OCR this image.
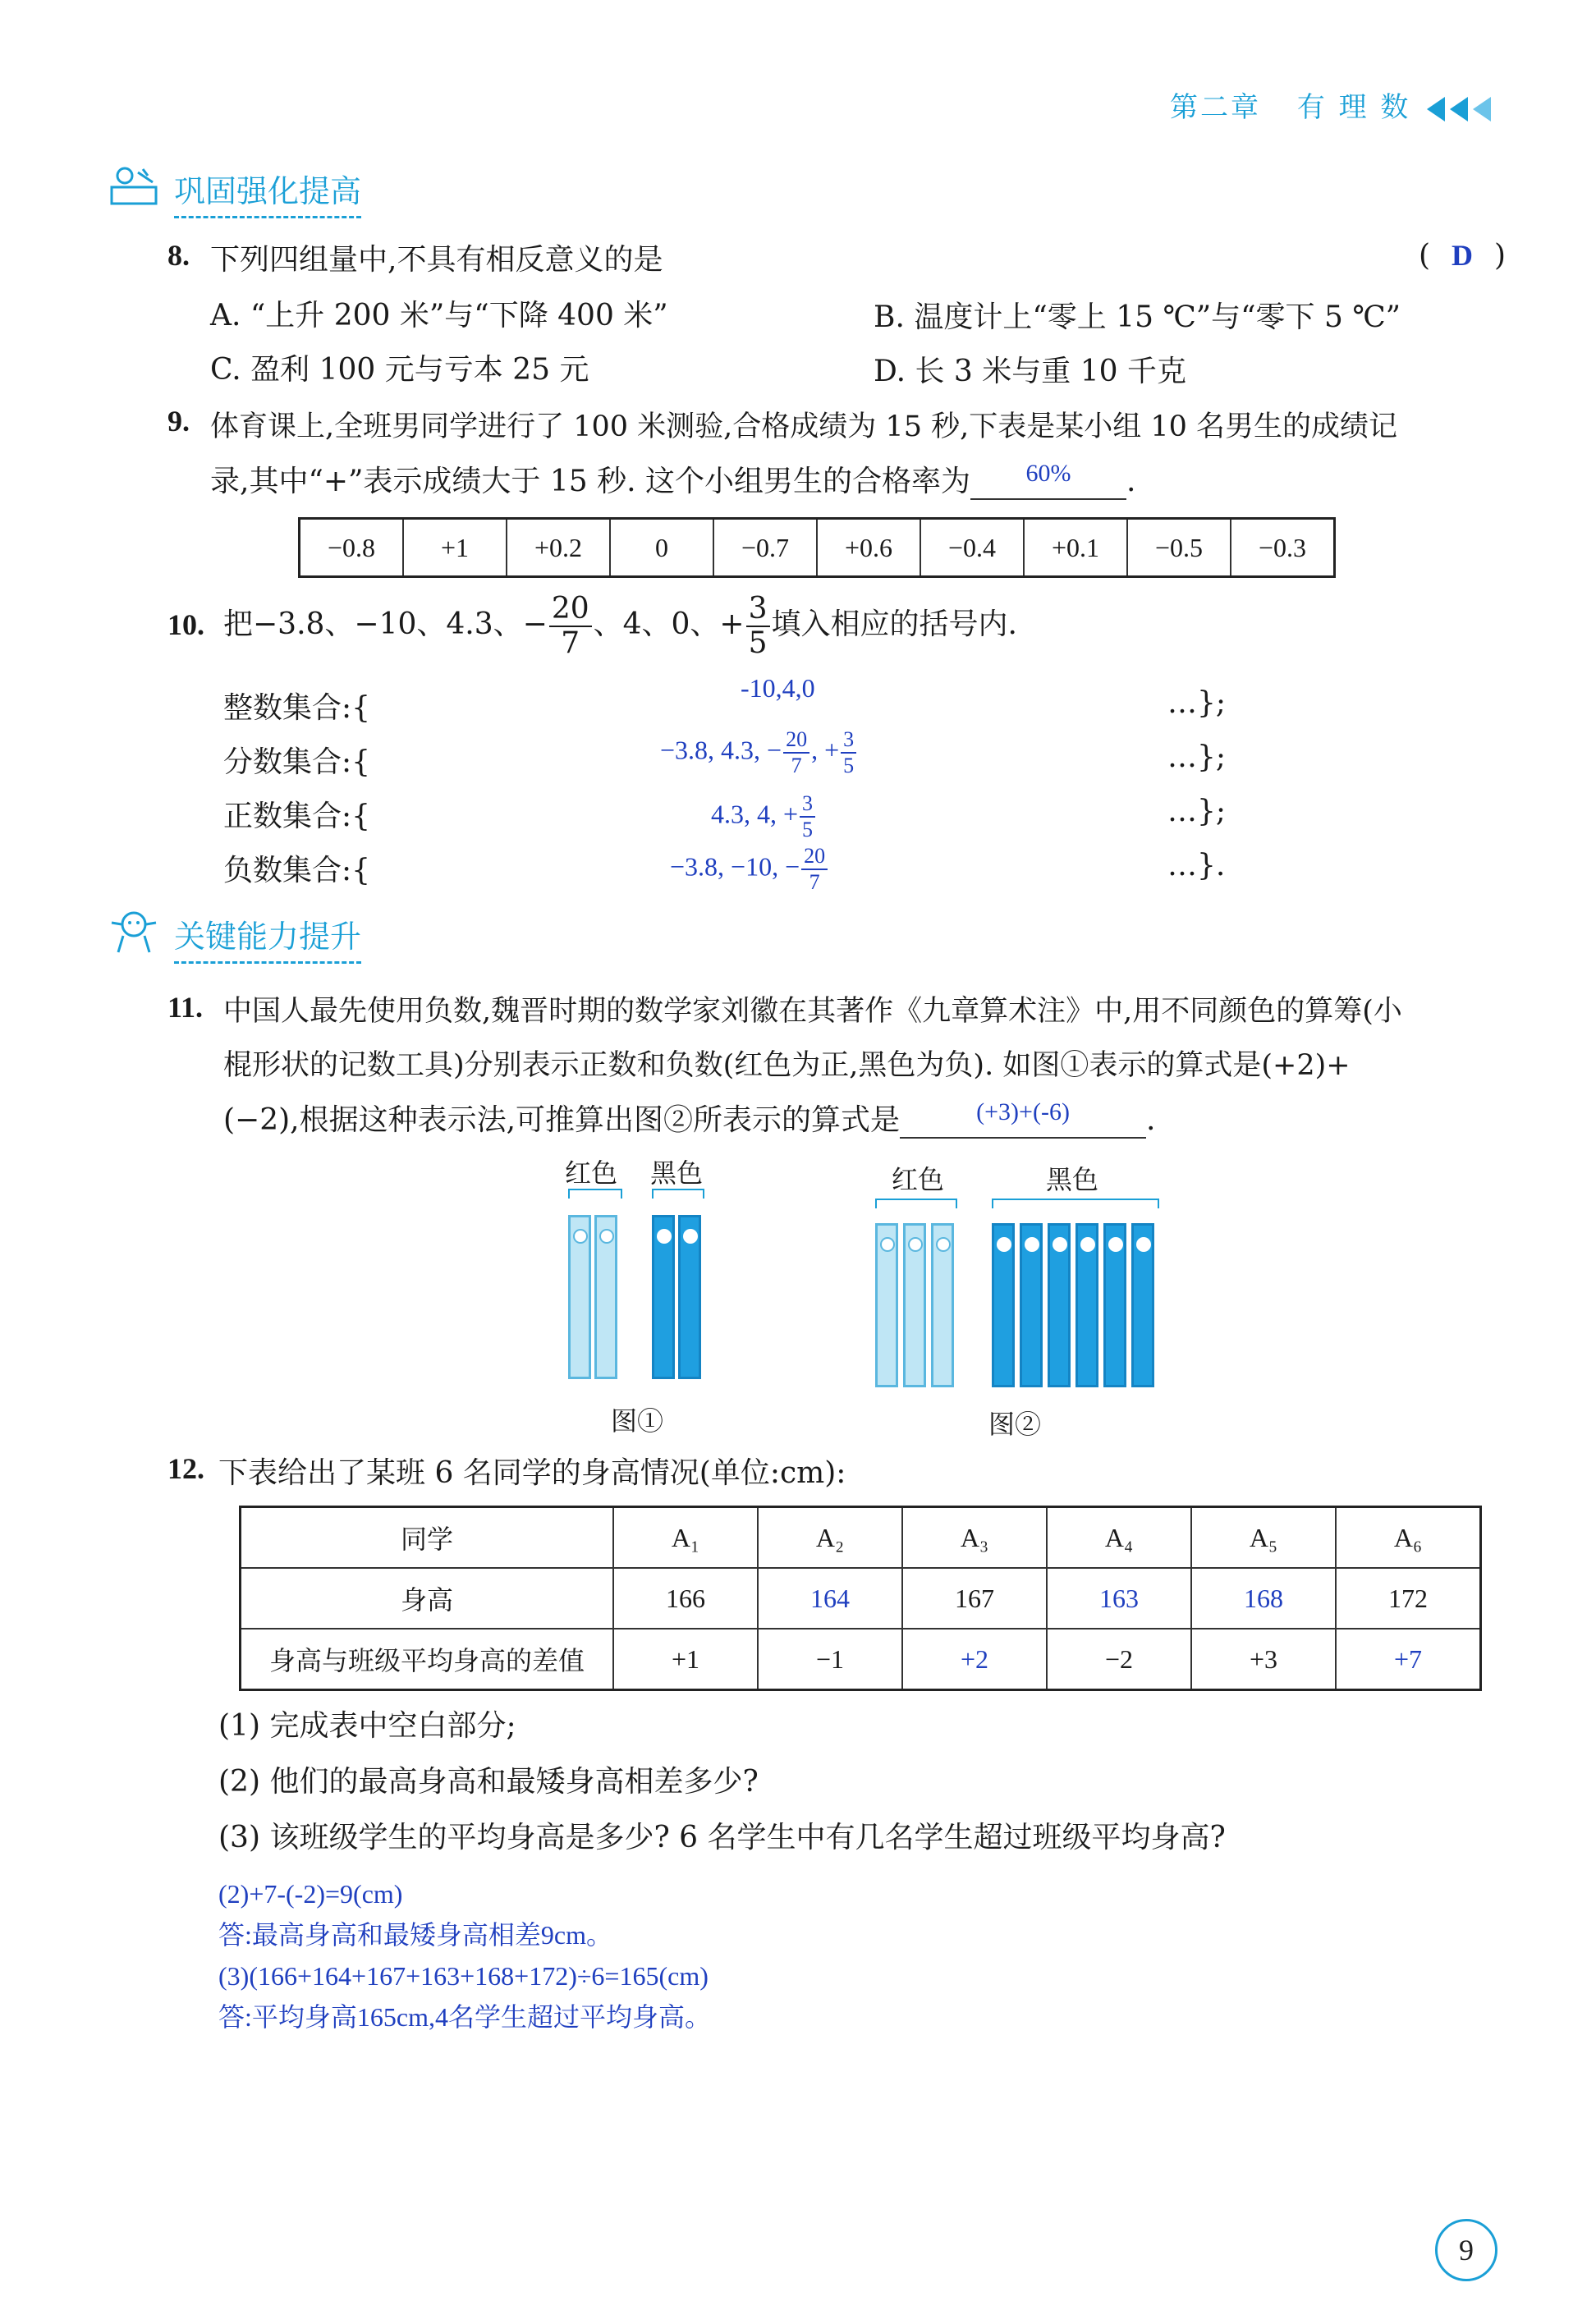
第二章 有 理 数
巩固强化提高
8. 下列四组量中,不具有相反意义的是	( D )
A. “上升 200 米”与“下降 400 米”	B. 温度计上“零上 15 ℃”与“零下 5 ℃”
C. 盈利 100 元与亏本 25 元	D. 长 3 米与重 10 千克
9. 体育课上,全班男同学进行了 100 米测验,合格成绩为 15 秒,下表是某小组 10 名男生的成绩记
录,其中“+”表示成绩大于 15 秒. 这个小组男生的合格率为 $^{60\%}$ .
−0.8	+1	+0.2	0	−0.7	+0.6	−0.4	+0.1	−0.5	−0.3
10. 把−3.8、−10、4.3、− $\frac{20}{7}$ 、4、0、+ $\frac{3}{5}$ 填入相应的括号内.
整数集合:{
-10,4,0	…};
分数集合:{	−3.8, 4.3, − $\frac{20}{7}$ , + $\frac{3}{5}$	…};
正数集合:{	4.3, 4, + $\frac{3}{5}$	…};
负数集合:{	−3.8, −10, − $\frac{20}{7}$	…}.
关键能力提升
11. 中国人最先使用负数,魏晋时期的数学家刘徽在其著作《九章算术注》中,用不同颜色的算筹(小
棍形状的记数工具)分别表示正数和负数(红色为正,黑色为负). 如图①表示的算式是(+2)+
(−2),根据这种表示法,可推算出图②所表示的算式是	$^{(+3)+(-6)}$	.
红色 黑色
图①
红色	黑色
图②
12. 下表给出了某班 6 名同学的身高情况(单位:cm):
同学	A₁	A₂	A₃	A₄	A₅	A₆
身高	166	164	167	163	168	172
身高与班级平均身高的差值	+1	−1	+2	−2	+3	+7
(1) 完成表中空白部分;
(2) 他们的最高身高和最矮身高相差多少?
(3) 该班级学生的平均身高是多少? 6 名学生中有几名学生超过班级平均身高?
(2)+7-(-2)=9(cm)
答:最高身高和最矮身高相差9cm。
(3)(166+164+167+163+168+172)÷6=165(cm)
答:平均身高165cm,4名学生超过平均身高。
9
